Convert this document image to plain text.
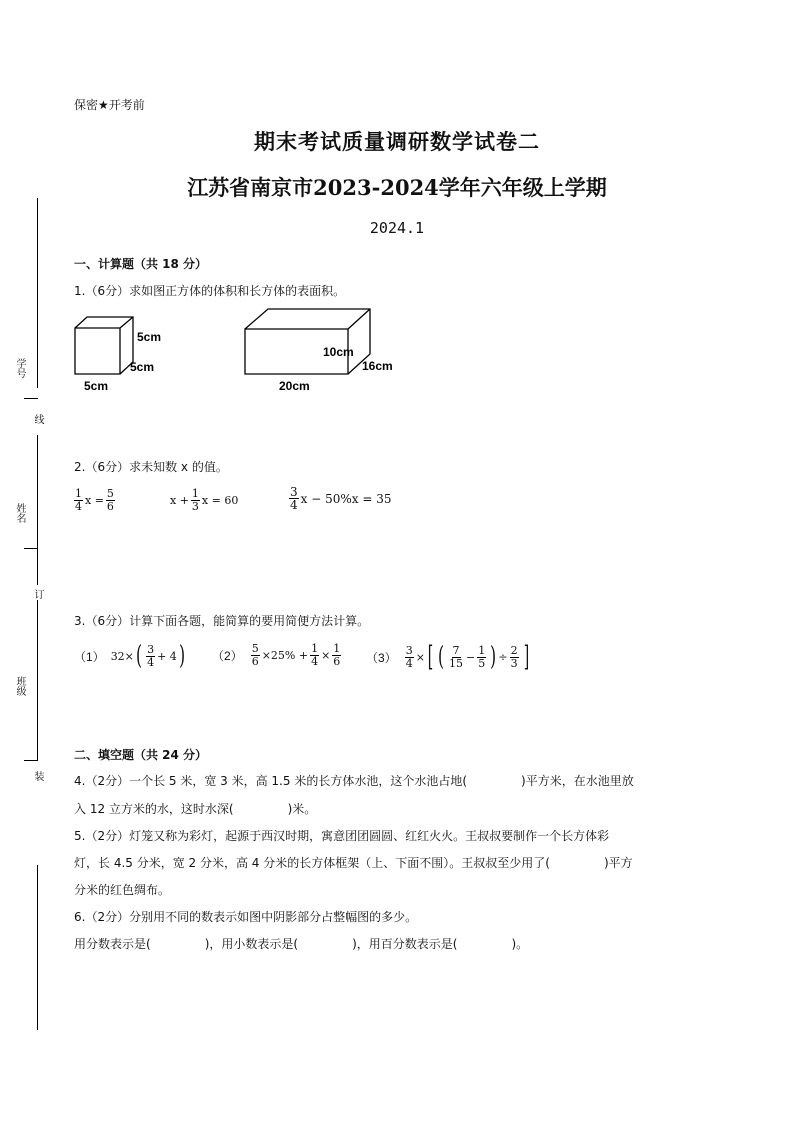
学号
线
姓名
订
班级
装
保密★开考前
期末考试质量调研数学试卷二
江苏省南京市2023-2024学年六年级上学期
2024.1
一、计算题（共 18 分）
1.（6分）求如图正方体的体积和长方体的表面积。
5cm
5cm
5cm
10cm
16cm
20cm
2.（6分）求未知数 x 的值。
$\frac{1}{4}$ $x = \frac{5}{6}$	$x + \frac{1}{3}$ x = 60	$\frac{3}{4}$ x − 50%x = 35
3.（6分）计算下面各题，能简算的要用简便方法计算。
（1） 32× ( $\frac{3}{4} + 4$ ) $(2) \frac{5}{6} \times 25\% + \frac{1}{4} \times \frac{1}{6} (3) \frac{3}{4}$ × [ ( $\frac{7}{15} - \frac{1}{5}$ ) ÷ $\frac{2}{3}$ ]
二、填空题（共 24 分）
4.（2分）一个长 5 米，宽 3 米，高 1.5 米的长方体水池，这个水池占地(	)平方米，在水池里放
入 12 立方米的水，这时水深(	)米。
5.（2分）灯笼又称为彩灯，起源于西汉时期，寓意团团圆圆、红红火火。王叔叔要制作一个长方体彩
灯，长 4.5 分米，宽 2 分米，高 4 分米的长方体框架（上、下面不围）。王叔叔至少用了(	)平方
分米的红色绸布。
6.（2分）分别用不同的数表示如图中阴影部分占整幅图的多少。
用分数表示是(	)，用小数表示是(	)，用百分数表示是(	)。
